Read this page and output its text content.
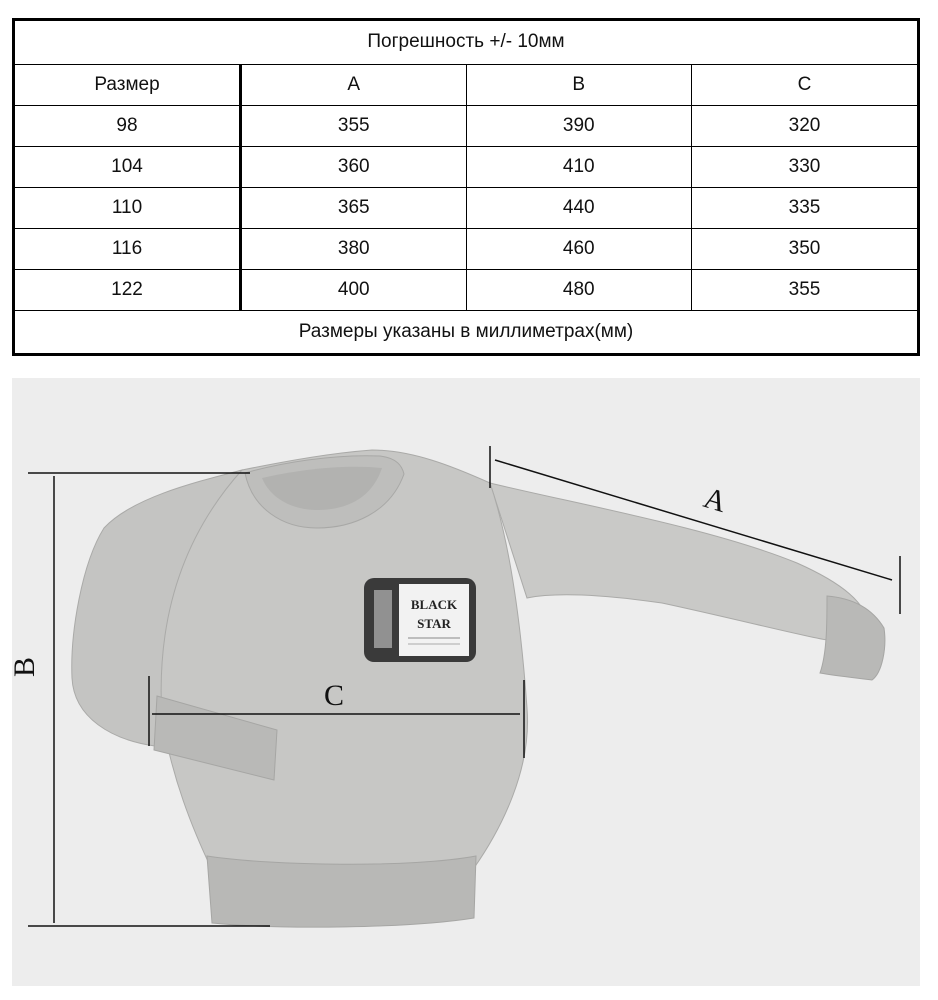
Погрешность +/- 10мм			
Размер	A	B	C
98	355	390	320
104	360	410	330
110	365	440	335
116	380	460	350
122	400	480	355
Размеры указаны в миллиметрах(мм)			
BLACK
STAR
A
B
C
